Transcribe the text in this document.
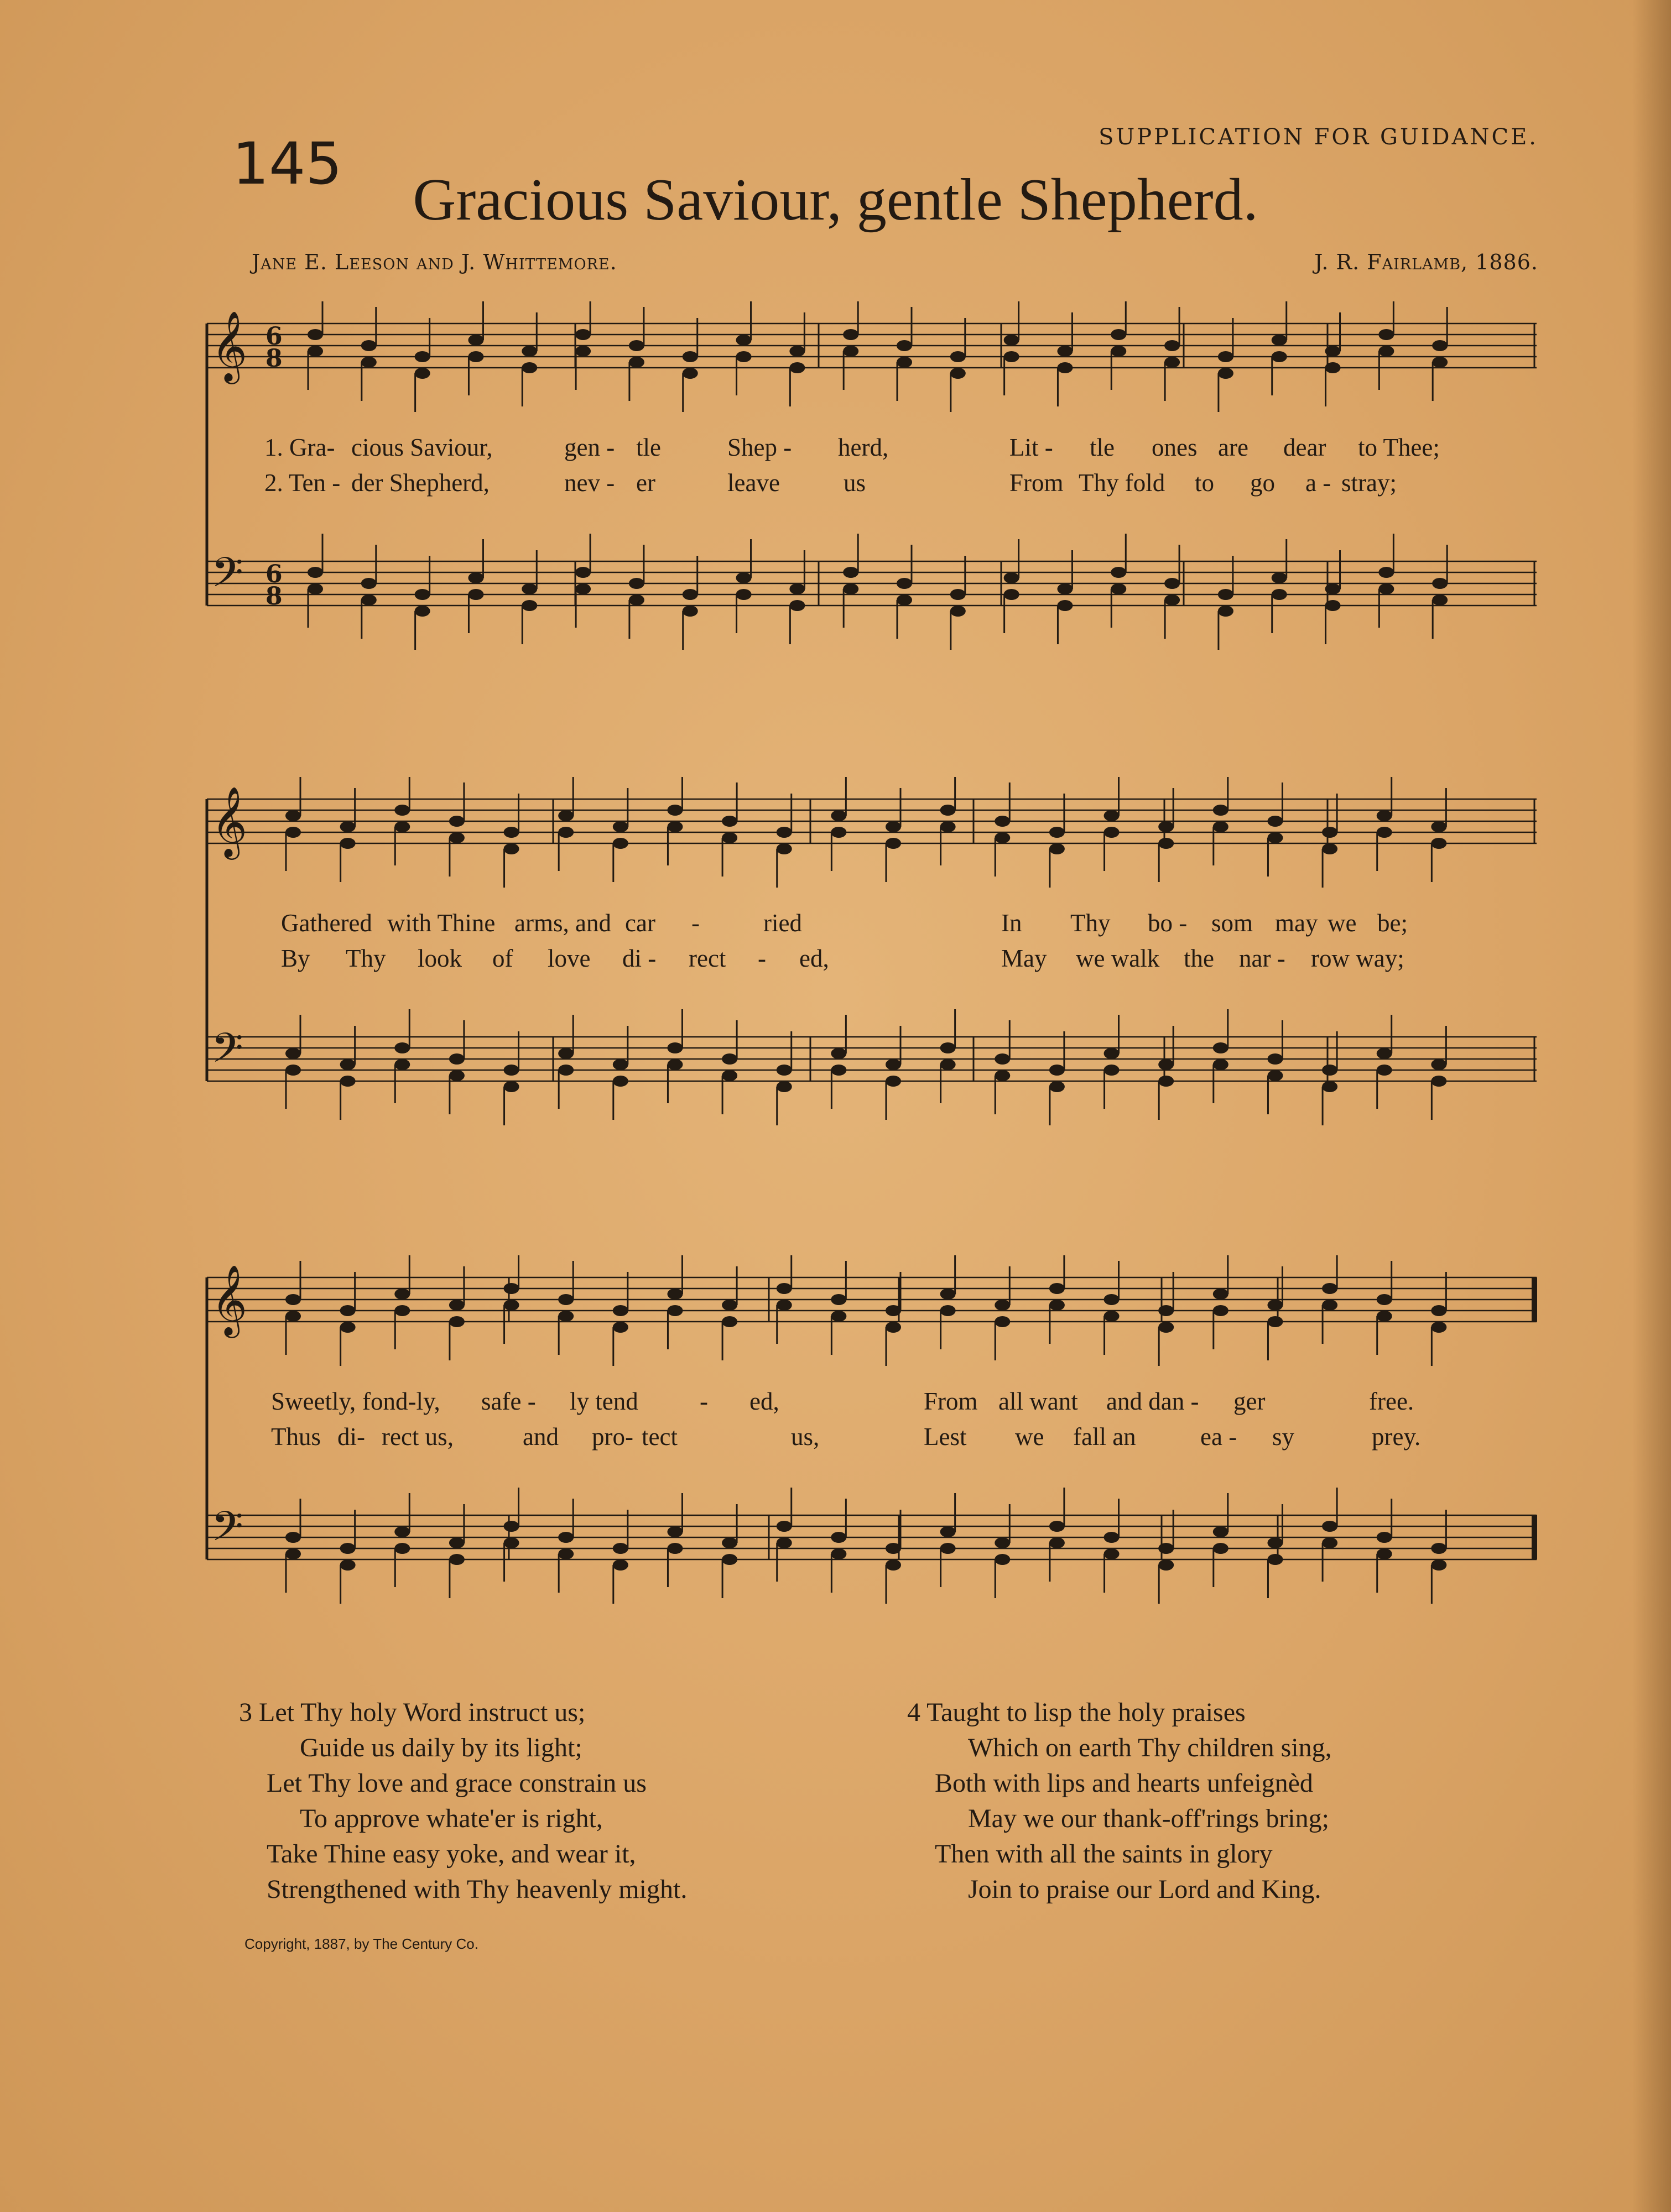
145	SUPPLICATION FOR GUIDANCE.
Gracious Saviour, gentle Shepherd.
Jane E. Leeson and J. Whittemore.	J. R. Fairlamb, 1886.
𝄞 6
8
𝄢 6
8
1. Gra- cious Saviour,	gen - tle	Shep - herd,	Lit - tle ones are dear to Thee;
2. Ten - der Shepherd,	nev - er	leave	us	From Thy fold to go a - stray;
𝄞
𝄢
Gathered with Thine arms, and car -	ried	In Thy bo - som may we be;
By Thy look of love di - rect - ed,	May we walk the nar - row way;
𝄞
𝄢
Sweetly, fond-ly, safe - ly tend - ed,	From all want and dan - ger	free.
Thus di- rect us,	and pro- tect	us,	Lest we fall an	ea - sy	prey.
3 Let Thy holy Word instruct us;
Guide us daily by its light;
Let Thy love and grace constrain us
To approve whate'er is right,
Take Thine easy yoke, and wear it,
Strengthened with Thy heavenly might.
4 Taught to lisp the holy praises
Which on earth Thy children sing,
Both with lips and hearts unfeignèd
May we our thank-off'rings bring;
Then with all the saints in glory
Join to praise our Lord and King.
Copyright, 1887, by The Century Co.
